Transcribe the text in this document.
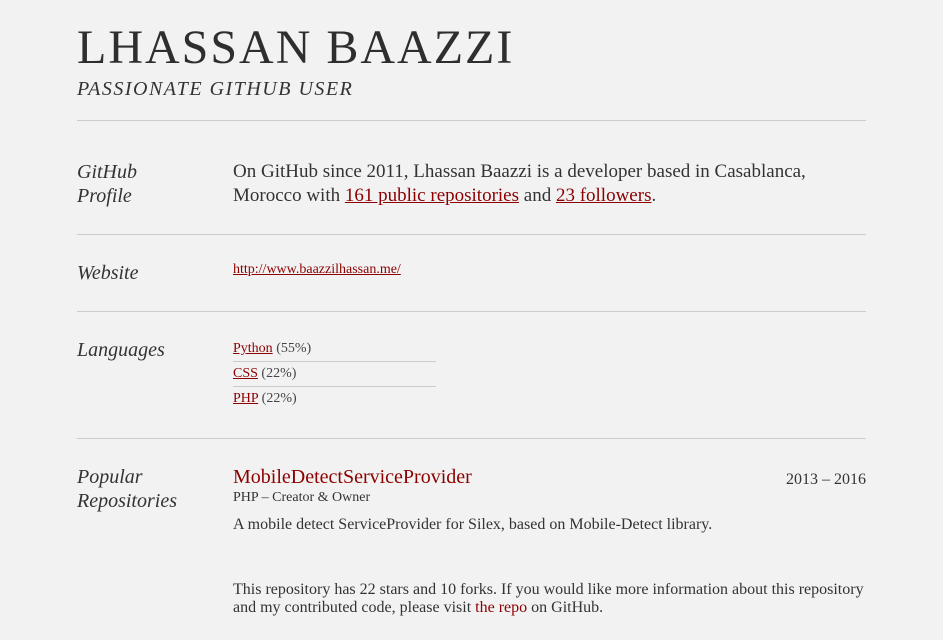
LHASSAN BAAZZI
PASSIONATE GITHUB USER
GitHub
Profile
On GitHub since 2011, Lhassan Baazzi is a developer based in Casablanca, Morocco with 161 public repositories and 23 followers.
Website	http://www.baazzilhassan.me/
Languages	Python (55%)
CSS (22%)
PHP (22%)
Popular
Repositories
2013 – 2016
MobileDetectServiceProvider
PHP – Creator & Owner
A mobile detect ServiceProvider for Silex, based on Mobile-Detect library.
This repository has 22 stars and 10 forks. If you would like more information about this repository and my contributed code, please visit the repo on GitHub.
